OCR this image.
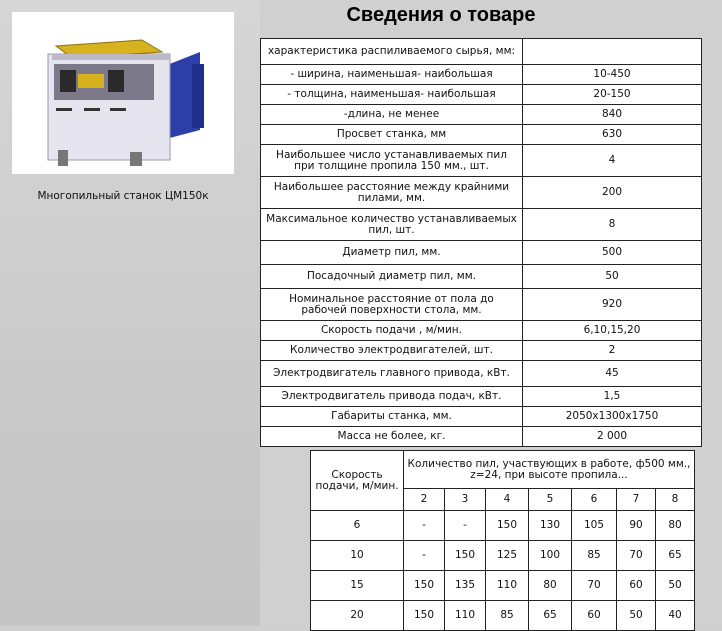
Сведения о товаре
Многопильный станок ЦМ150к
характеристика распиливаемого сырья, мм:	
- ширина, наименьшая- наибольшая	10-450
- толщина, наименьшая- наибольшая	20-150
-длина, не менее	840
Просвет станка, мм	630
Наибольшее число устанавливаемых пил при толщине пропила 150 мм., шт.	4
Наибольшее расстояние между крайними пилами, мм.	200
Максимальное количество устанавливаемых пил, шт.	8
Диаметр пил, мм.	500
Посадочный диаметр пил, мм.	50
Номинальное расстояние от пола до рабочей поверхности стола, мм.	920
Скорость подачи , м/мин.	6,10,15,20
Количество электродвигателей, шт.	2
Электродвигатель главного привода, кВт.	45
Электродвигатель привода подач, кВт.	1,5
Габариты станка, мм.	2050х1300х1750
Масса не более, кг.	2 000
Скорость подачи, м/мин.	Количество пил, участвующих в работе, ф500 мм., z=24, при высоте пропила...						
	2	3	4	5	6	7	8
6	-	-	150	130	105	90	80
10	-	150	125	100	85	70	65
15	150	135	110	80	70	60	50
20	150	110	85	65	60	50	40
